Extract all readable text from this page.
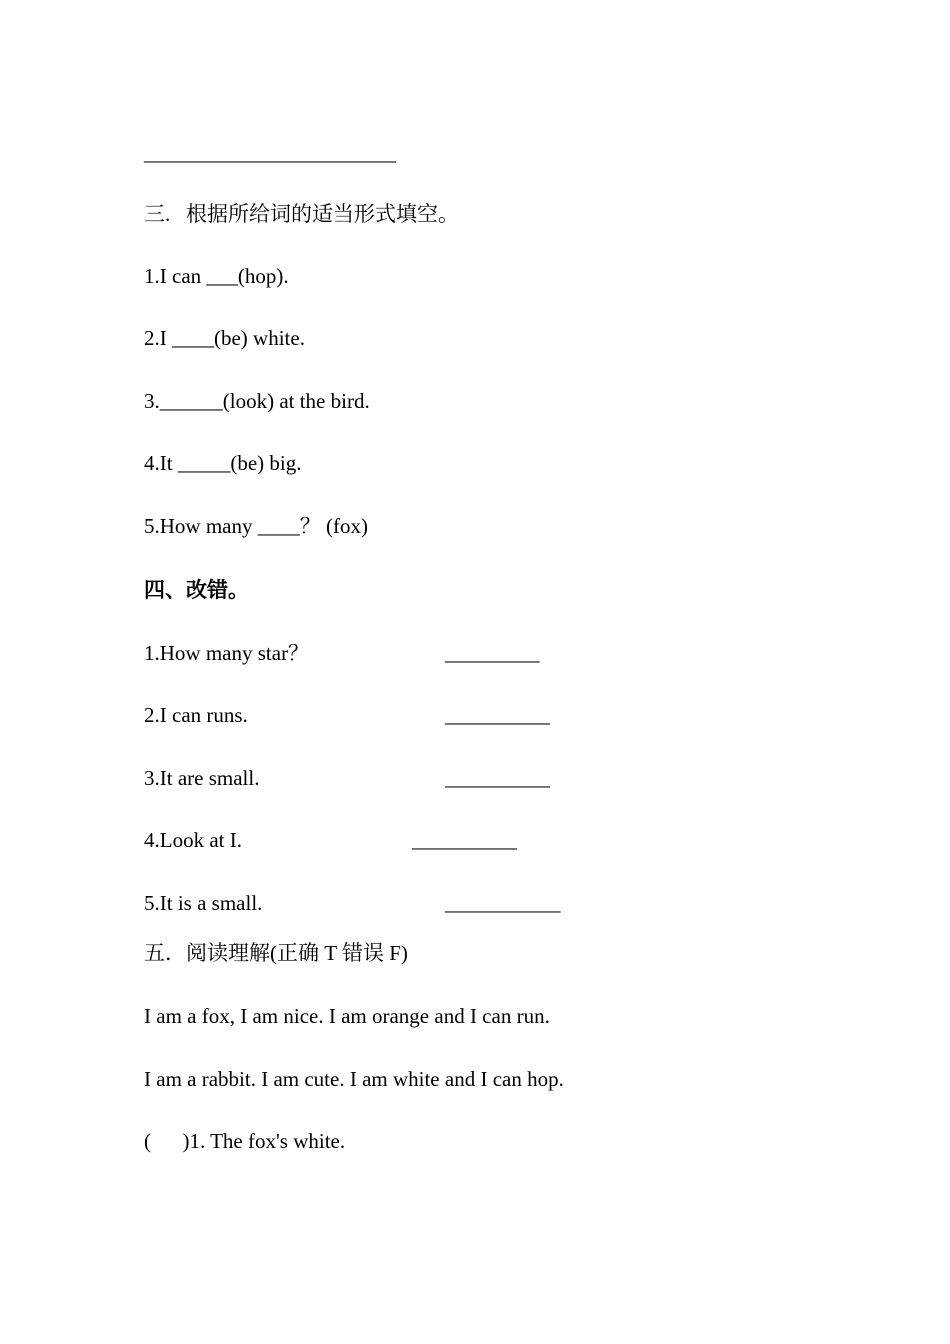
________________________
三.   根据所给词的适当形式填空。
1.I can ___(hop).
2.I ____(be) white.
3.______(look) at the bird.
4.It _____(be) big.
5.How many ____？ (fox)
四、改错。
1.How many star？	_________
2.I can runs.	__________
3.It are small.	__________
4.Look at I.	__________
5.It is a small.	___________
五．阅读理解(正确 T 错误 F)
I am a fox, I am nice. I am orange and I can run.
I am a rabbit. I am cute. I am white and I can hop.
(      )1. The fox's white.
